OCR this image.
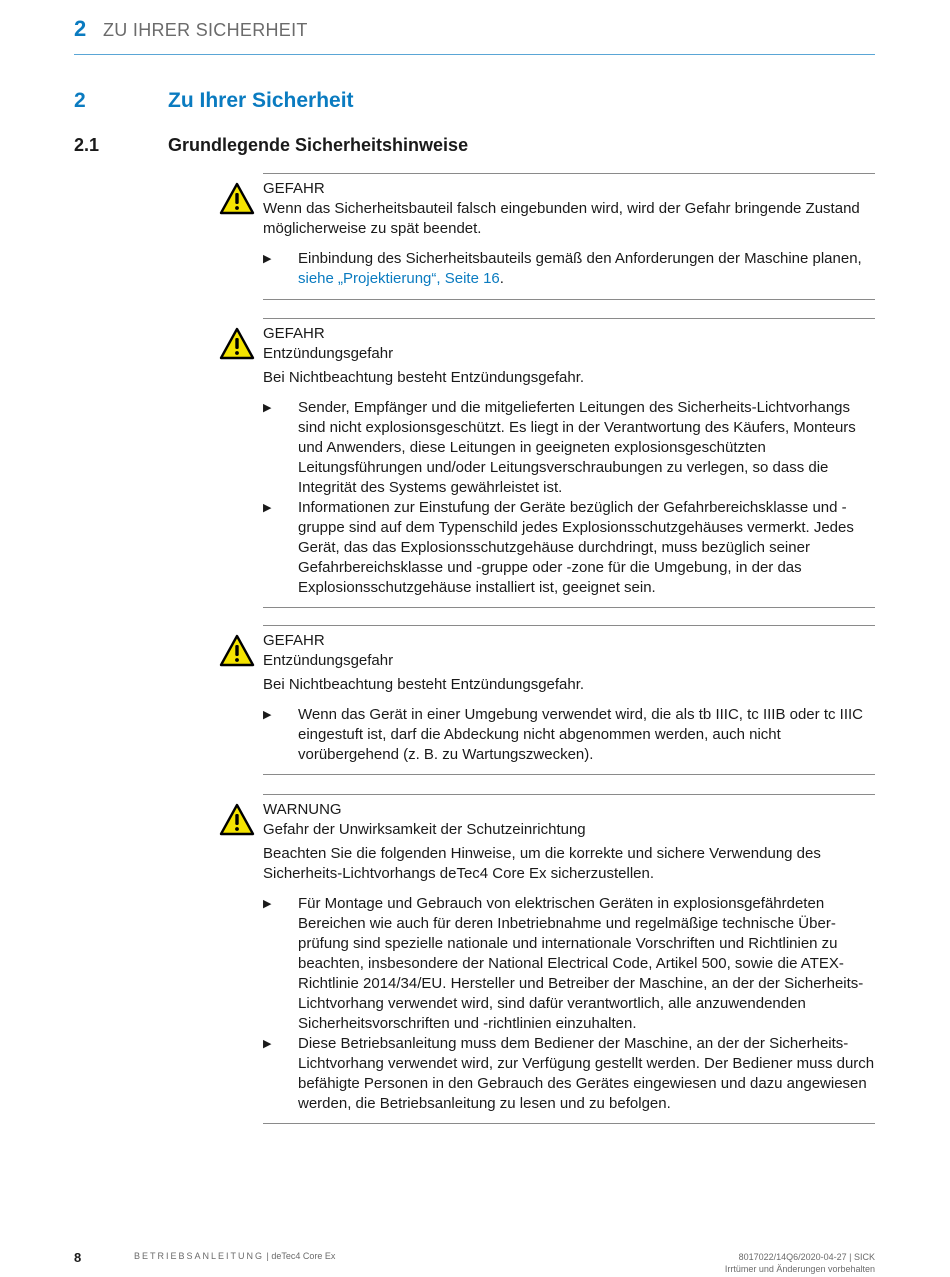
2 ZU IHRER SICHERHEIT
2	Zu Ihrer Sicherheit
2.1	Grundlegende Sicherheitshinweise
GEFAHR
Wenn das Sicherheitsbauteil falsch eingebunden wird, wird der Gefahr bringende Zustand möglicherweise zu spät beendet.
▶ Einbindung des Sicherheitsbauteils gemäß den Anforderungen der Maschine planen, siehe „Projektierung“, Seite 16.
GEFAHR
Entzündungsgefahr
Bei Nichtbeachtung besteht Entzündungsgefahr.
▶ Sender, Empfänger und die mitgelieferten Leitungen des Sicherheits-Lichtvorhangs sind nicht explosionsgeschützt. Es liegt in der Verantwortung des Käufers, Monteurs und Anwenders, diese Leitungen in geeigneten explosionsgeschützten Leitungsführungen und/oder Leitungsverschraubungen zu verlegen, so dass die Integrität des Systems gewährleistet ist.
▶ Informationen zur Einstufung der Geräte bezüglich der Gefahrbereichsklasse und -gruppe sind auf dem Typenschild jedes Explosionsschutzgehäuses vermerkt. Jedes Gerät, das das Explosionsschutzgehäuse durchdringt, muss bezüglich seiner Gefahrbereichsklasse und -gruppe oder -zone für die Umgebung, in der das Explosionsschutzgehäuse installiert ist, geeignet sein.
GEFAHR
Entzündungsgefahr
Bei Nichtbeachtung besteht Entzündungsgefahr.
▶ Wenn das Gerät in einer Umgebung verwendet wird, die als tb IIIC, tc IIIB oder tc IIIC eingestuft ist, darf die Abdeckung nicht abgenommen werden, auch nicht vorübergehend (z. B. zu Wartungszwecken).
WARNUNG
Gefahr der Unwirksamkeit der Schutzeinrichtung
Beachten Sie die folgenden Hinweise, um die korrekte und sichere Verwendung des Sicherheits-Lichtvorhangs deTec4 Core Ex sicherzustellen.
▶ Für Montage und Gebrauch von elektrischen Geräten in explosionsgefährdeten Bereichen wie auch für deren Inbetriebnahme und regelmäßige technische Überprüfung sind spezielle nationale und internationale Vorschriften und Richtlinien zu beachten, insbesondere der National Electrical Code, Artikel 500, sowie die ATEX-Richtlinie 2014/34/EU. Hersteller und Betreiber der Maschine, an der der Sicherheits-Lichtvorhang verwendet wird, sind dafür verantwortlich, alle anzuwendenden Sicherheitsvorschriften und -richtlinien einzuhalten.
▶ Diese Betriebsanleitung muss dem Bediener der Maschine, an der der Sicherheits-Lichtvorhang verwendet wird, zur Verfügung gestellt werden. Der Bediener muss durch befähigte Personen in den Gebrauch des Gerätes eingewiesen und dazu angewiesen werden, die Betriebsanleitung zu lesen und zu befolgen.
8	BETRIEBSANLEITUNG | deTec4 Core Ex	8017022/14Q6/2020-04-27 | SICK
Irrtümer und Änderungen vorbehalten
